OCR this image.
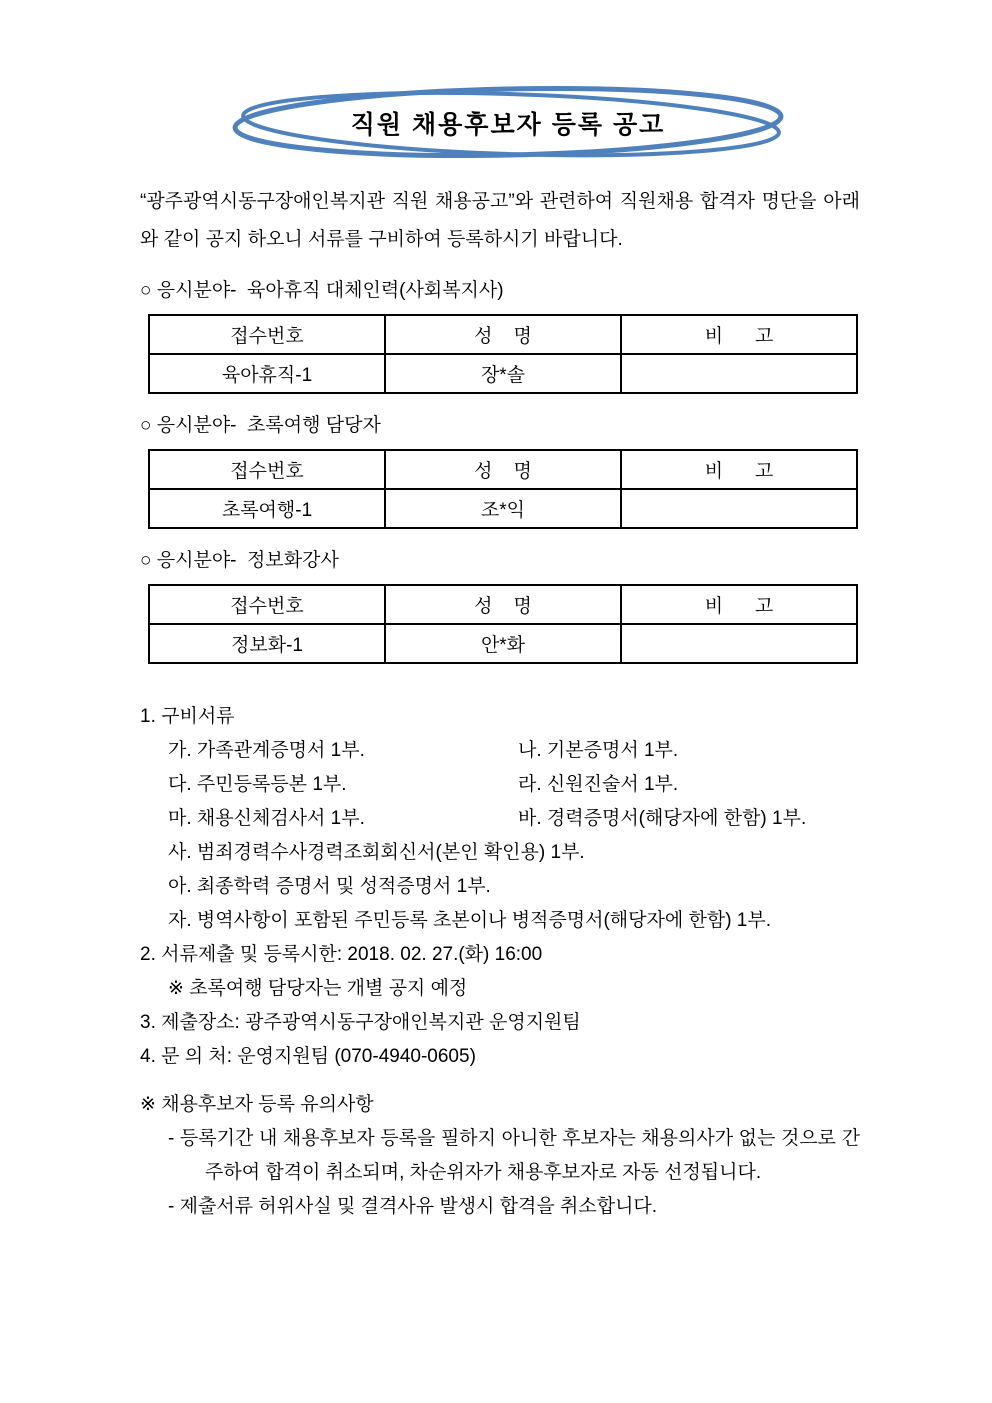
직원 채용후보자 등록 공고

“광주광역시동구장애인복지관 직원 채용공고”와 관련하여 직원채용 합격자 명단을 아래와 같이 공지 하오니 서류를 구비하여 등록하시기 바랍니다.

○ 응시분야-  육아휴직 대체인력(사회복지사)
접수번호	성    명	비      고
육아휴직-1	장*솔	
○ 응시분야-  초록여행 담당자
접수번호	성    명	비      고
초록여행-1	조*익	
○ 응시분야-  정보화강사
접수번호	성    명	비      고
정보화-1	안*화	
1. 구비서류
가. 가족관계증명서 1부.	나. 기본증명서 1부.
다. 주민등록등본 1부.	라. 신원진술서 1부.
마. 채용신체검사서 1부.	바. 경력증명서(해당자에 한함) 1부.
사. 범죄경력수사경력조회회신서(본인 확인용) 1부.
아. 최종학력 증명서 및 성적증명서 1부.
자. 병역사항이 포함된 주민등록 초본이나 병적증명서(해당자에 한함) 1부.
2. 서류제출 및 등록시한: 2018. 02. 27.(화) 16:00
※ 초록여행 담당자는 개별 공지 예정
3. 제출장소: 광주광역시동구장애인복지관 운영지원팀
4. 문 의 처: 운영지원팀 (070-4940-0605)
※ 채용후보자 등록 유의사항
- 등록기간 내 채용후보자 등록을 필하지 아니한 후보자는 채용의사가 없는 것으로 간주하여 합격이 취소되며, 차순위자가 채용후보자로 자동 선정됩니다.
- 제출서류 허위사실 및 결격사유 발생시 합격을 취소합니다.
